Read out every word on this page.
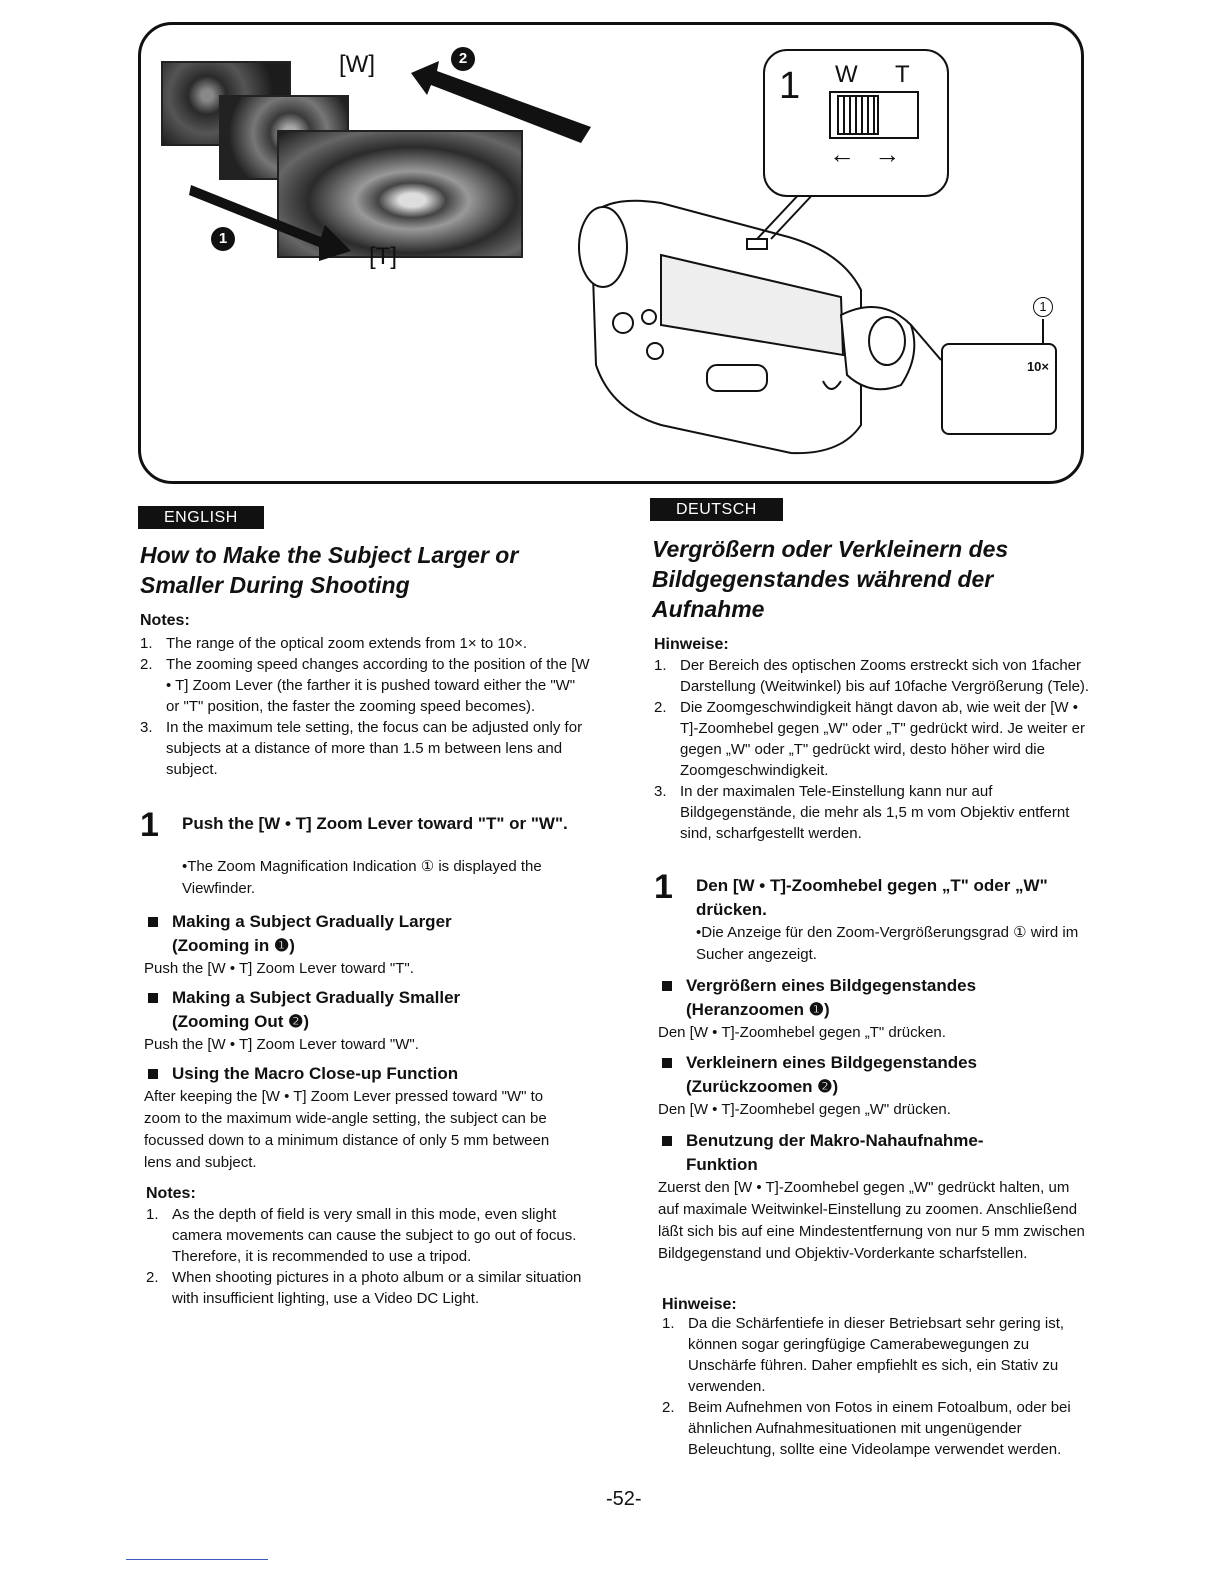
[W]
[T]
2
1
1 W T
← →
1
10×
ENGLISH
How to Make the Subject Larger or
Smaller During Shooting
Notes:
1. The range of the optical zoom extends from 1× to 10×.
2. The zooming speed changes according to the position of the [W • T] Zoom Lever (the farther it is pushed toward either the "W" or "T" position, the faster the zooming speed becomes).
3. In the maximum tele setting, the focus can be adjusted only for subjects at a distance of more than 1.5 m between lens and subject.
1 Push the [W • T] Zoom Lever toward "T" or "W".
•The Zoom Magnification Indication ① is displayed the Viewfinder.
Making a Subject Gradually Larger
(Zooming in ❶)
Push the [W • T] Zoom Lever toward "T".
Making a Subject Gradually Smaller
(Zooming Out ❷)
Push the [W • T] Zoom Lever toward "W".
Using the Macro Close-up Function
After keeping the [W • T] Zoom Lever pressed toward "W" to zoom to the maximum wide-angle setting, the subject can be focussed down to a minimum distance of only 5 mm between lens and subject.
Notes:
1. As the depth of field is very small in this mode, even slight camera movements can cause the subject to go out of focus. Therefore, it is recommended to use a tripod.
2. When shooting pictures in a photo album or a similar situation with insufficient lighting, use a Video DC Light.
DEUTSCH
Vergrößern oder Verkleinern des
Bildgegenstandes während der
Aufnahme
Hinweise:
1. Der Bereich des optischen Zooms erstreckt sich von 1facher Darstellung (Weitwinkel) bis auf 10fache Vergrößerung (Tele).
2. Die Zoomgeschwindigkeit hängt davon ab, wie weit der [W • T]-Zoomhebel gegen „W" oder „T" gedrückt wird. Je weiter er gegen „W" oder „T" gedrückt wird, desto höher wird die Zoomgeschwindigkeit.
3. In der maximalen Tele-Einstellung kann nur auf Bildgegenstände, die mehr als 1,5 m vom Objektiv entfernt sind, scharfgestellt werden.
1 Den [W • T]-Zoomhebel gegen „T" oder „W" drücken.
•Die Anzeige für den Zoom-Vergrößerungsgrad ① wird im Sucher angezeigt.
Vergrößern eines Bildgegenstandes
(Heranzoomen ❶)
Den [W • T]-Zoomhebel gegen „T" drücken.
Verkleinern eines Bildgegenstandes
(Zurückzoomen ❷)
Den [W • T]-Zoomhebel gegen „W" drücken.
Benutzung der Makro-Nahaufnahme-
Funktion
Zuerst den [W • T]-Zoomhebel gegen „W" gedrückt halten, um auf maximale Weitwinkel-Einstellung zu zoomen. Anschließend läßt sich bis auf eine Mindestentfernung von nur 5 mm zwischen Bildgegenstand und Objektiv-Vorderkante scharfstellen.
Hinweise:
1. Da die Schärfentiefe in dieser Betriebsart sehr gering ist, können sogar geringfügige Camerabewegungen zu Unschärfe führen. Daher empfiehlt es sich, ein Stativ zu verwenden.
2. Beim Aufnehmen von Fotos in einem Fotoalbum, oder bei ähnlichen Aufnahmesituationen mit ungenügender Beleuchtung, sollte eine Videolampe verwendet werden.
-52-
